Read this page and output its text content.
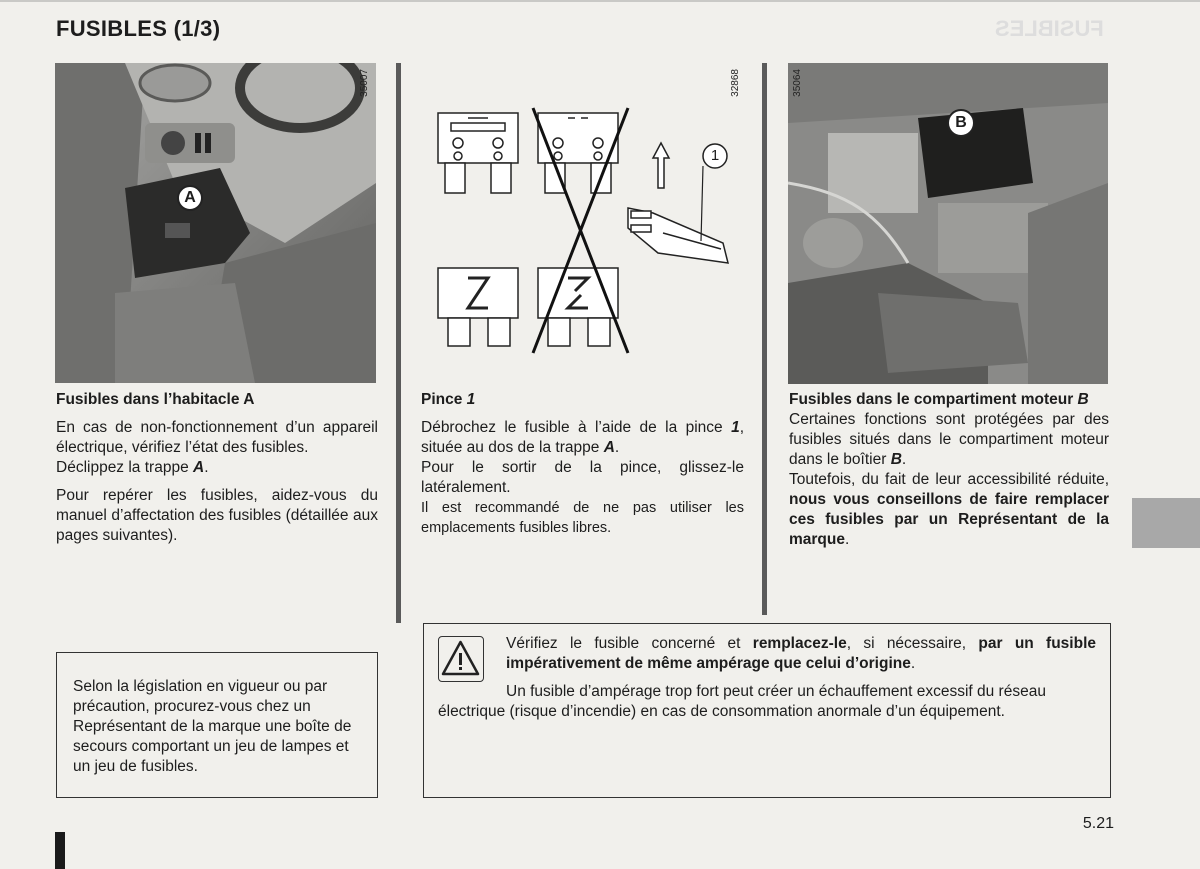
FUSIBLES (1/3)	FUSIBLES
A
35007
1
32868
B
35064

Fusibles dans l’habitacle A

En cas de non-fonctionnement d’un appareil électrique, vérifiez l’état des fusibles.

Déclippez la trappe A.

Pour repérer les fusibles, aidez-vous du manuel d’affectation des fusibles (détaillée aux pages suivantes).

Pince 1

Débrochez le fusible à l’aide de la pince 1, située au dos de la trappe A.

Pour le sortir de la pince, glissez-le latéralement.

Il est recommandé de ne pas utiliser les emplacements fusibles libres.

Fusibles dans le compartiment moteur B

Certaines fonctions sont protégées par des fusibles situés dans le compartiment moteur dans le boîtier B.

Toutefois, du fait de leur accessibilité réduite, nous vous conseillons de faire remplacer ces fusibles par un Représentant de la marque.

Selon la législation en vigueur ou par précaution, procurez-vous chez un Représentant de la marque une boîte de secours comportant un jeu de lampes et un jeu de fusibles.
Vérifiez le fusible concerné et remplacez-le, si nécessaire, par un fusible impérativement de même ampérage que celui d’origine.
Un fusible d’ampérage trop fort peut créer un échauffement excessif du réseau électrique (risque d’incendie) en cas de consommation anormale d’un équipement.
5.21
